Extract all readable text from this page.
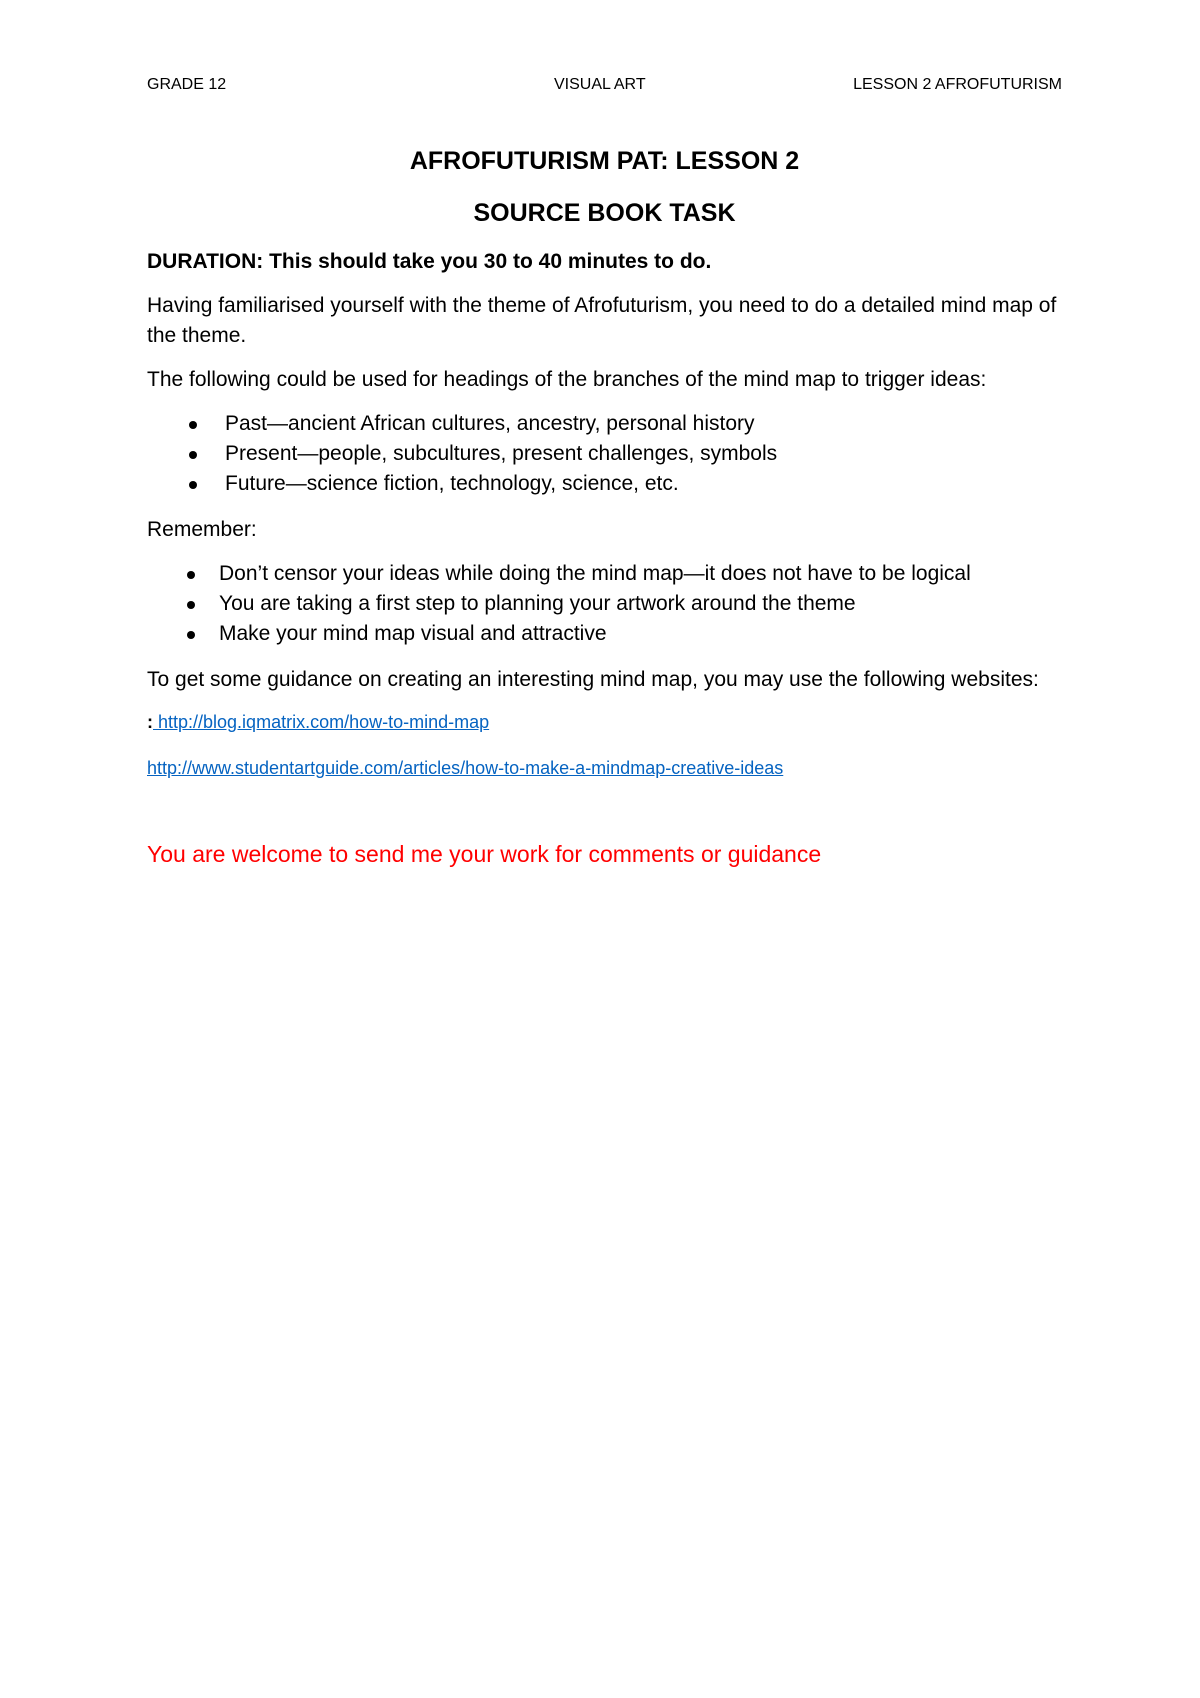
GRADE 12	VISUAL ART	LESSON 2 AFROFUTURISM
AFROFUTURISM PAT: LESSON 2
SOURCE BOOK TASK
DURATION: This should take you 30 to 40 minutes to do.
Having familiarised yourself with the theme of Afrofuturism, you need to do a detailed mind map of the theme.
The following could be used for headings of the branches of the mind map to trigger ideas:
Past—ancient African cultures, ancestry, personal history
Present—people, subcultures, present challenges, symbols
Future—science fiction, technology, science, etc.
Remember:
Don’t censor your ideas while doing the mind map—it does not have to be logical
You are taking a first step to planning your artwork around the theme
Make your mind map visual and attractive
To get some guidance on creating an interesting mind map, you may use the following websites:
: http://blog.iqmatrix.com/how-to-mind-map
http://www.studentartguide.com/articles/how-to-make-a-mindmap-creative-ideas
You are welcome to send me your work for comments or guidance
